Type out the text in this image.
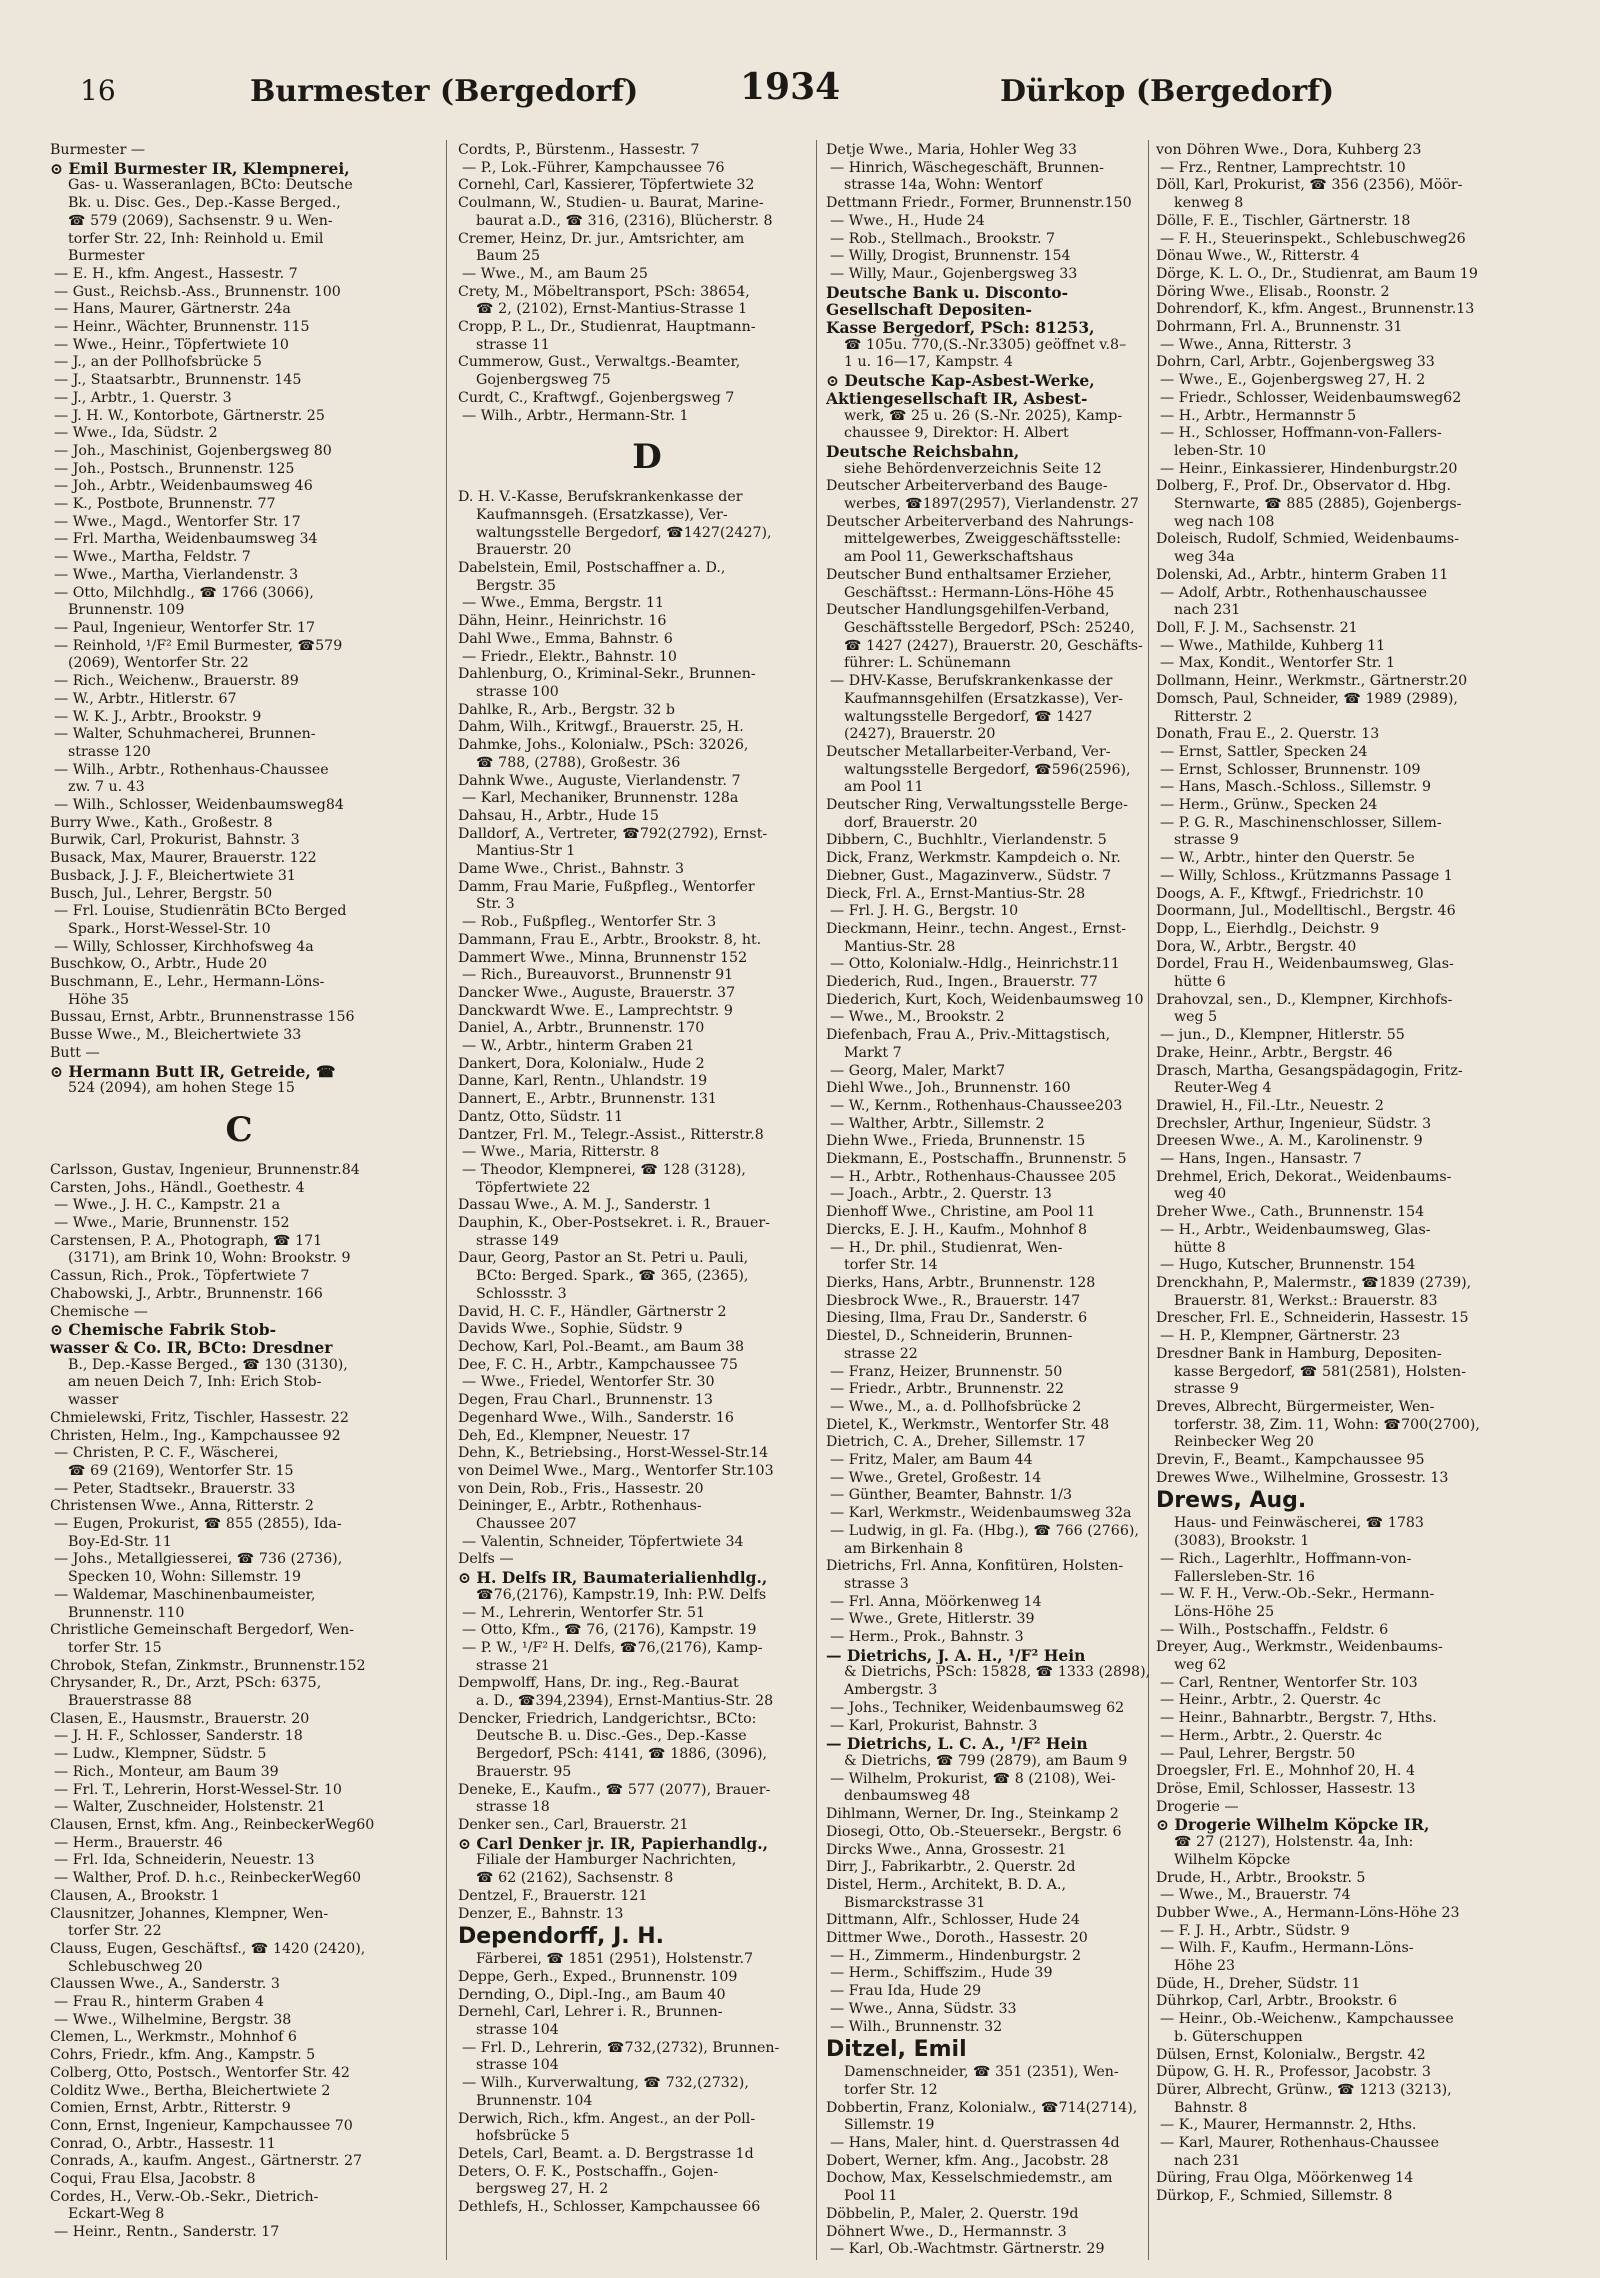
16	Burmester (Bergedorf)	1934	Dürkop (Bergedorf)

Burmester —

⊙ Emil Burmester IR, Klempnerei,

Gas- u. Wasseranlagen, BCto: Deutsche

Bk. u. Disc. Ges., Dep.-Kasse Berged.,

☎ 579 (2069), Sachsenstr. 9 u. Wen-

torfer Str. 22, Inh: Reinhold u. Emil

Burmester

— E. H., kfm. Angest., Hassestr. 7

— Gust., Reichsb.-Ass., Brunnenstr. 100

— Hans, Maurer, Gärtnerstr. 24a

— Heinr., Wächter, Brunnenstr. 115

— Wwe., Heinr., Töpfertwiete 10

— J., an der Pollhofsbrücke 5

— J., Staatsarbtr., Brunnenstr. 145

— J., Arbtr., 1. Querstr. 3

— J. H. W., Kontorbote, Gärtnerstr. 25

— Wwe., Ida, Südstr. 2

— Joh., Maschinist, Gojenbergsweg 80

— Joh., Postsch., Brunnenstr. 125

— Joh., Arbtr., Weidenbaumsweg 46

— K., Postbote, Brunnenstr. 77

— Wwe., Magd., Wentorfer Str. 17

— Frl. Martha, Weidenbaumsweg 34

— Wwe., Martha, Feldstr. 7

— Wwe., Martha, Vierlandenstr. 3

— Otto, Milchhdlg., ☎ 1766 (3066),

Brunnenstr. 109

— Paul, Ingenieur, Wentorfer Str. 17

— Reinhold, ¹/F² Emil Burmester, ☎579

(2069), Wentorfer Str. 22

— Rich., Weichenw., Brauerstr. 89

— W., Arbtr., Hitlerstr. 67

— W. K. J., Arbtr., Brookstr. 9

— Walter, Schuhmacherei, Brunnen-

strasse 120

— Wilh., Arbtr., Rothenhaus-Chaussee

zw. 7 u. 43

— Wilh., Schlosser, Weidenbaumsweg84

Burry Wwe., Kath., Großestr. 8

Burwik, Carl, Prokurist, Bahnstr. 3

Busack, Max, Maurer, Brauerstr. 122

Busback, J. J. F., Bleichertwiete 31

Busch, Jul., Lehrer, Bergstr. 50

— Frl. Louise, Studienrätin BCto Berged

Spark., Horst-Wessel-Str. 10

— Willy, Schlosser, Kirchhofsweg 4a

Buschkow, O., Arbtr., Hude 20

Buschmann, E., Lehr., Hermann-Löns-

Höhe 35

Bussau, Ernst, Arbtr., Brunnenstrasse 156

Busse Wwe., M., Bleichertwiete 33

Butt —

⊙ Hermann Butt IR, Getreide, ☎

524 (2094), am hohen Stege 15

C

Carlsson, Gustav, Ingenieur, Brunnenstr.84

Carsten, Johs., Händl., Goethestr. 4

— Wwe., J. H. C., Kampstr. 21 a

— Wwe., Marie, Brunnenstr. 152

Carstensen, P. A., Photograph, ☎ 171

(3171), am Brink 10, Wohn: Brookstr. 9

Cassun, Rich., Prok., Töpfertwiete 7

Chabowski, J., Arbtr., Brunnenstr. 166

Chemische —

⊙ Chemische Fabrik Stob-

wasser & Co. IR, BCto: Dresdner

B., Dep.-Kasse Berged., ☎ 130 (3130),

am neuen Deich 7, Inh: Erich Stob-

wasser

Chmielewski, Fritz, Tischler, Hassestr. 22

Christen, Helm., Ing., Kampchaussee 92

— Christen, P. C. F., Wäscherei,

☎ 69 (2169), Wentorfer Str. 15

— Peter, Stadtsekr., Brauerstr. 33

Christensen Wwe., Anna, Ritterstr. 2

— Eugen, Prokurist, ☎ 855 (2855), Ida-

Boy-Ed-Str. 11

— Johs., Metallgiesserei, ☎ 736 (2736),

Specken 10, Wohn: Sillemstr. 19

— Waldemar, Maschinenbaumeister,

Brunnenstr. 110

Christliche Gemeinschaft Bergedorf, Wen-

torfer Str. 15

Chrobok, Stefan, Zinkmstr., Brunnenstr.152

Chrysander, R., Dr., Arzt, PSch: 6375,

Brauerstrasse 88

Clasen, E., Hausmstr., Brauerstr. 20

— J. H. F., Schlosser, Sanderstr. 18

— Ludw., Klempner, Südstr. 5

— Rich., Monteur, am Baum 39

— Frl. T., Lehrerin, Horst-Wessel-Str. 10

— Walter, Zuschneider, Holstenstr. 21

Clausen, Ernst, kfm. Ang., ReinbeckerWeg60

— Herm., Brauerstr. 46

— Frl. Ida, Schneiderin, Neuestr. 13

— Walther, Prof. D. h.c., ReinbeckerWeg60

Clausen, A., Brookstr. 1

Clausnitzer, Johannes, Klempner, Wen-

torfer Str. 22

Clauss, Eugen, Geschäftsf., ☎ 1420 (2420),

Schlebuschweg 20

Claussen Wwe., A., Sanderstr. 3

— Frau R., hinterm Graben 4

— Wwe., Wilhelmine, Bergstr. 38

Clemen, L., Werkmstr., Mohnhof 6

Cohrs, Friedr., kfm. Ang., Kampstr. 5

Colberg, Otto, Postsch., Wentorfer Str. 42

Colditz Wwe., Bertha, Bleichertwiete 2

Comien, Ernst, Arbtr., Ritterstr. 9

Conn, Ernst, Ingenieur, Kampchaussee 70

Conrad, O., Arbtr., Hassestr. 11

Conrads, A., kaufm. Angest., Gärtnerstr. 27

Coqui, Frau Elsa, Jacobstr. 8

Cordes, H., Verw.-Ob.-Sekr., Dietrich-

Eckart-Weg 8

— Heinr., Rentn., Sanderstr. 17

Cordts, P., Bürstenm., Hassestr. 7

— P., Lok.-Führer, Kampchaussee 76

Cornehl, Carl, Kassierer, Töpfertwiete 32

Coulmann, W., Studien- u. Baurat, Marine-

baurat a.D., ☎ 316, (2316), Blücherstr. 8

Cremer, Heinz, Dr. jur., Amtsrichter, am

Baum 25

— Wwe., M., am Baum 25

Crety, M., Möbeltransport, PSch: 38654,

☎ 2, (2102), Ernst-Mantius-Strasse 1

Cropp, P. L., Dr., Studienrat, Hauptmann-

strasse 11

Cummerow, Gust., Verwaltgs.-Beamter,

Gojenbergsweg 75

Curdt, C., Kraftwgf., Gojenbergsweg 7

— Wilh., Arbtr., Hermann-Str. 1

D

D. H. V.-Kasse, Berufskrankenkasse der

Kaufmannsgeh. (Ersatzkasse), Ver-

waltungsstelle Bergedorf, ☎1427(2427),

Brauerstr. 20

Dabelstein, Emil, Postschaffner a. D.,

Bergstr. 35

— Wwe., Emma, Bergstr. 11

Dähn, Heinr., Heinrichstr. 16

Dahl Wwe., Emma, Bahnstr. 6

— Friedr., Elektr., Bahnstr. 10

Dahlenburg, O., Kriminal-Sekr., Brunnen-

strasse 100

Dahlke, R., Arb., Bergstr. 32 b

Dahm, Wilh., Kritwgf., Brauerstr. 25, H.

Dahmke, Johs., Kolonialw., PSch: 32026,

☎ 788, (2788), Großestr. 36

Dahnk Wwe., Auguste, Vierlandenstr. 7

— Karl, Mechaniker, Brunnenstr. 128a

Dahsau, H., Arbtr., Hude 15

Dalldorf, A., Vertreter, ☎792(2792), Ernst-

Mantius-Str 1

Dame Wwe., Christ., Bahnstr. 3

Damm, Frau Marie, Fußpfleg., Wentorfer

Str. 3

— Rob., Fußpfleg., Wentorfer Str. 3

Dammann, Frau E., Arbtr., Brookstr. 8, ht.

Dammert Wwe., Minna, Brunnenstr 152

— Rich., Bureauvorst., Brunnenstr 91

Dancker Wwe., Auguste, Brauerstr. 37

Danckwardt Wwe. E., Lamprechtstr. 9

Daniel, A., Arbtr., Brunnenstr. 170

— W., Arbtr., hinterm Graben 21

Dankert, Dora, Kolonialw., Hude 2

Danne, Karl, Rentn., Uhlandstr. 19

Dannert, E., Arbtr., Brunnenstr. 131

Dantz, Otto, Südstr. 11

Dantzer, Frl. M., Telegr.-Assist., Ritterstr.8

— Wwe., Maria, Ritterstr. 8

— Theodor, Klempnerei, ☎ 128 (3128),

Töpfertwiete 22

Dassau Wwe., A. M. J., Sanderstr. 1

Dauphin, K., Ober-Postsekret. i. R., Brauer-

strasse 149

Daur, Georg, Pastor an St. Petri u. Pauli,

BCto: Berged. Spark., ☎ 365, (2365),

Schlossstr. 3

David, H. C. F., Händler, Gärtnerstr 2

Davids Wwe., Sophie, Südstr. 9

Dechow, Karl, Pol.-Beamt., am Baum 38

Dee, F. C. H., Arbtr., Kampchaussee 75

— Wwe., Friedel, Wentorfer Str. 30

Degen, Frau Charl., Brunnenstr. 13

Degenhard Wwe., Wilh., Sanderstr. 16

Deh, Ed., Klempner, Neuestr. 17

Dehn, K., Betriebsing., Horst-Wessel-Str.14

von Deimel Wwe., Marg., Wentorfer Str.103

von Dein, Rob., Fris., Hassestr. 20

Deininger, E., Arbtr., Rothenhaus-

Chaussee 207

— Valentin, Schneider, Töpfertwiete 34

Delfs —

⊙ H. Delfs IR, Baumaterialienhdlg.,

☎76,(2176), Kampstr.19, Inh: P.W. Delfs

— M., Lehrerin, Wentorfer Str. 51

— Otto, Kfm., ☎ 76, (2176), Kampstr. 19

— P. W., ¹/F² H. Delfs, ☎76,(2176), Kamp-

strasse 21

Dempwolff, Hans, Dr. ing., Reg.-Baurat

a. D., ☎394,2394), Ernst-Mantius-Str. 28

Dencker, Friedrich, Landgerichtsr., BCto:

Deutsche B. u. Disc.-Ges., Dep.-Kasse

Bergedorf, PSch: 4141, ☎ 1886, (3096),

Brauerstr. 95

Deneke, E., Kaufm., ☎ 577 (2077), Brauer-

strasse 18

Denker sen., Carl, Brauerstr. 21

⊙ Carl Denker jr. IR, Papierhandlg.,

Filiale der Hamburger Nachrichten,

☎ 62 (2162), Sachsenstr. 8

Dentzel, F., Brauerstr. 121

Denzer, E., Bahnstr. 13

Dependorff, J. H.

Färberei, ☎ 1851 (2951), Holstenstr.7

Deppe, Gerh., Exped., Brunnenstr. 109

Dernding, O., Dipl.-Ing., am Baum 40

Dernehl, Carl, Lehrer i. R., Brunnen-

strasse 104

— Frl. D., Lehrerin, ☎732,(2732), Brunnen-

strasse 104

— Wilh., Kurverwaltung, ☎ 732,(2732),

Brunnenstr. 104

Derwich, Rich., kfm. Angest., an der Poll-

hofsbrücke 5

Detels, Carl, Beamt. a. D. Bergstrasse 1d

Deters, O. F. K., Postschaffn., Gojen-

bergsweg 27, H. 2

Dethlefs, H., Schlosser, Kampchaussee 66

Detje Wwe., Maria, Hohler Weg 33

— Hinrich, Wäschegeschäft, Brunnen-

strasse 14a, Wohn: Wentorf

Dettmann Friedr., Former, Brunnenstr.150

— Wwe., H., Hude 24

— Rob., Stellmach., Brookstr. 7

— Willy, Drogist, Brunnenstr. 154

— Willy, Maur., Gojenbergsweg 33

Deutsche Bank u. Disconto-

Gesellschaft Depositen-

Kasse Bergedorf, PSch: 81253,

☎ 105u. 770,(S.-Nr.3305) geöffnet v.8–

1 u. 16—17, Kampstr. 4

⊙ Deutsche Kap-Asbest-Werke,

Aktiengesellschaft IR, Asbest-

werk, ☎ 25 u. 26 (S.-Nr. 2025), Kamp-

chaussee 9, Direktor: H. Albert

Deutsche Reichsbahn,

siehe Behördenverzeichnis Seite 12

Deutscher Arbeiterverband des Bauge-

werbes, ☎1897(2957), Vierlandenstr. 27

Deutscher Arbeiterverband des Nahrungs-

mittelgewerbes, Zweiggeschäftsstelle:

am Pool 11, Gewerkschaftshaus

Deutscher Bund enthaltsamer Erzieher,

Geschäftsst.: Hermann-Löns-Höhe 45

Deutscher Handlungsgehilfen-Verband,

Geschäftsstelle Bergedorf, PSch: 25240,

☎ 1427 (2427), Brauerstr. 20, Geschäfts-

führer: L. Schünemann

— DHV-Kasse, Berufskrankenkasse der

Kaufmannsgehilfen (Ersatzkasse), Ver-

waltungsstelle Bergedorf, ☎ 1427

(2427), Brauerstr. 20

Deutscher Metallarbeiter-Verband, Ver-

waltungsstelle Bergedorf, ☎596(2596),

am Pool 11

Deutscher Ring, Verwaltungsstelle Berge-

dorf, Brauerstr. 20

Dibbern, C., Buchhltr., Vierlandenstr. 5

Dick, Franz, Werkmstr. Kampdeich o. Nr.

Diebner, Gust., Magazinverw., Südstr. 7

Dieck, Frl. A., Ernst-Mantius-Str. 28

— Frl. J. H. G., Bergstr. 10

Dieckmann, Heinr., techn. Angest., Ernst-

Mantius-Str. 28

— Otto, Kolonialw.-Hdlg., Heinrichstr.11

Diederich, Rud., Ingen., Brauerstr. 77

Diederich, Kurt, Koch, Weidenbaumsweg 10

— Wwe., M., Brookstr. 2

Diefenbach, Frau A., Priv.-Mittagstisch,

Markt 7

— Georg, Maler, Markt7

Diehl Wwe., Joh., Brunnenstr. 160

— W., Kernm., Rothenhaus-Chaussee203

— Walther, Arbtr., Sillemstr. 2

Diehn Wwe., Frieda, Brunnenstr. 15

Diekmann, E., Postschaffn., Brunnenstr. 5

— H., Arbtr., Rothenhaus-Chaussee 205

— Joach., Arbtr., 2. Querstr. 13

Dienhoff Wwe., Christine, am Pool 11

Diercks, E. J. H., Kaufm., Mohnhof 8

— H., Dr. phil., Studienrat, Wen-

torfer Str. 14

Dierks, Hans, Arbtr., Brunnenstr. 128

Diesbrock Wwe., R., Brauerstr. 147

Diesing, Ilma, Frau Dr., Sanderstr. 6

Diestel, D., Schneiderin, Brunnen-

strasse 22

— Franz, Heizer, Brunnenstr. 50

— Friedr., Arbtr., Brunnenstr. 22

— Wwe., M., a. d. Pollhofsbrücke 2

Dietel, K., Werkmstr., Wentorfer Str. 48

Dietrich, C. A., Dreher, Sillemstr. 17

— Fritz, Maler, am Baum 44

— Wwe., Gretel, Großestr. 14

— Günther, Beamter, Bahnstr. 1/3

— Karl, Werkmstr., Weidenbaumsweg 32a

— Ludwig, in gl. Fa. (Hbg.), ☎ 766 (2766),

am Birkenhain 8

Dietrichs, Frl. Anna, Konfitüren, Holsten-

strasse 3

— Frl. Anna, Möörkenweg 14

— Wwe., Grete, Hitlerstr. 39

— Herm., Prok., Bahnstr. 3

— Dietrichs, J. A. H., ¹/F² Hein

& Dietrichs, PSch: 15828, ☎ 1333 (2898),

Ambergstr. 3

— Johs., Techniker, Weidenbaumsweg 62

— Karl, Prokurist, Bahnstr. 3

— Dietrichs, L. C. A., ¹/F² Hein

& Dietrichs, ☎ 799 (2879), am Baum 9

— Wilhelm, Prokurist, ☎ 8 (2108), Wei-

denbaumsweg 48

Dihlmann, Werner, Dr. Ing., Steinkamp 2

Diosegi, Otto, Ob.-Steuersekr., Bergstr. 6

Dircks Wwe., Anna, Grossestr. 21

Dirr, J., Fabrikarbtr., 2. Querstr. 2d

Distel, Herm., Architekt, B. D. A.,

Bismarckstrasse 31

Dittmann, Alfr., Schlosser, Hude 24

Dittmer Wwe., Doroth., Hassestr. 20

— H., Zimmerm., Hindenburgstr. 2

— Herm., Schiffszim., Hude 39

— Frau Ida, Hude 29

— Wwe., Anna, Südstr. 33

— Wilh., Brunnenstr. 32

Ditzel, Emil

Damenschneider, ☎ 351 (2351), Wen-

torfer Str. 12

Dobbertin, Franz, Kolonialw., ☎714(2714),

Sillemstr. 19

— Hans, Maler, hint. d. Querstrassen 4d

Dobert, Werner, kfm. Ang., Jacobstr. 28

Dochow, Max, Kesselschmiedemstr., am

Pool 11

Döbbelin, P., Maler, 2. Querstr. 19d

Döhnert Wwe., D., Hermannstr. 3

— Karl, Ob.-Wachtmstr. Gärtnerstr. 29

von Döhren Wwe., Dora, Kuhberg 23

— Frz., Rentner, Lamprechtstr. 10

Döll, Karl, Prokurist, ☎ 356 (2356), Möör-

kenweg 8

Dölle, F. E., Tischler, Gärtnerstr. 18

— F. H., Steuerinspekt., Schlebuschweg26

Dönau Wwe., W., Ritterstr. 4

Dörge, K. L. O., Dr., Studienrat, am Baum 19

Döring Wwe., Elisab., Roonstr. 2

Dohrendorf, K., kfm. Angest., Brunnenstr.13

Dohrmann, Frl. A., Brunnenstr. 31

— Wwe., Anna, Ritterstr. 3

Dohrn, Carl, Arbtr., Gojenbergsweg 33

— Wwe., E., Gojenbergsweg 27, H. 2

— Friedr., Schlosser, Weidenbaumsweg62

— H., Arbtr., Hermannstr 5

— H., Schlosser, Hoffmann-von-Fallers-

leben-Str. 10

— Heinr., Einkassierer, Hindenburgstr.20

Dolberg, F., Prof. Dr., Observator d. Hbg.

Sternwarte, ☎ 885 (2885), Gojenbergs-

weg nach 108

Doleisch, Rudolf, Schmied, Weidenbaums-

weg 34a

Dolenski, Ad., Arbtr., hinterm Graben 11

— Adolf, Arbtr., Rothenhauschaussee

nach 231

Doll, F. J. M., Sachsenstr. 21

— Wwe., Mathilde, Kuhberg 11

— Max, Kondit., Wentorfer Str. 1

Dollmann, Heinr., Werkmstr., Gärtnerstr.20

Domsch, Paul, Schneider, ☎ 1989 (2989),

Ritterstr. 2

Donath, Frau E., 2. Querstr. 13

— Ernst, Sattler, Specken 24

— Ernst, Schlosser, Brunnenstr. 109

— Hans, Masch.-Schloss., Sillemstr. 9

— Herm., Grünw., Specken 24

— P. G. R., Maschinenschlosser, Sillem-

strasse 9

— W., Arbtr., hinter den Querstr. 5e

— Willy, Schloss., Krützmanns Passage 1

Doogs, A. F., Kftwgf., Friedrichstr. 10

Doormann, Jul., Modelltischl., Bergstr. 46

Dopp, L., Eierhdlg., Deichstr. 9

Dora, W., Arbtr., Bergstr. 40

Dordel, Frau H., Weidenbaumsweg, Glas-

hütte 6

Drahovzal, sen., D., Klempner, Kirchhofs-

weg 5

— jun., D., Klempner, Hitlerstr. 55

Drake, Heinr., Arbtr., Bergstr. 46

Drasch, Martha, Gesangspädagogin, Fritz-

Reuter-Weg 4

Drawiel, H., Fil.-Ltr., Neuestr. 2

Drechsler, Arthur, Ingenieur, Südstr. 3

Dreesen Wwe., A. M., Karolinenstr. 9

— Hans, Ingen., Hansastr. 7

Drehmel, Erich, Dekorat., Weidenbaums-

weg 40

Dreher Wwe., Cath., Brunnenstr. 154

— H., Arbtr., Weidenbaumsweg, Glas-

hütte 8

— Hugo, Kutscher, Brunnenstr. 154

Drenckhahn, P., Malermstr., ☎1839 (2739),

Brauerstr. 81, Werkst.: Brauerstr. 83

Drescher, Frl. E., Schneiderin, Hassestr. 15

— H. P., Klempner, Gärtnerstr. 23

Dresdner Bank in Hamburg, Depositen-

kasse Bergedorf, ☎ 581(2581), Holsten-

strasse 9

Dreves, Albrecht, Bürgermeister, Wen-

torferstr. 38, Zim. 11, Wohn: ☎700(2700),

Reinbecker Weg 20

Drevin, F., Beamt., Kampchaussee 95

Drewes Wwe., Wilhelmine, Grossestr. 13

Drews, Aug.

Haus- und Feinwäscherei, ☎ 1783

(3083), Brookstr. 1

— Rich., Lagerhltr., Hoffmann-von-

Fallersleben-Str. 16

— W. F. H., Verw.-Ob.-Sekr., Hermann-

Löns-Höhe 25

— Wilh., Postschaffn., Feldstr. 6

Dreyer, Aug., Werkmstr., Weidenbaums-

weg 62

— Carl, Rentner, Wentorfer Str. 103

— Heinr., Arbtr., 2. Querstr. 4c

— Heinr., Bahnarbtr., Bergstr. 7, Hths.

— Herm., Arbtr., 2. Querstr. 4c

— Paul, Lehrer, Bergstr. 50

Droegsler, Frl. E., Mohnhof 20, H. 4

Dröse, Emil, Schlosser, Hassestr. 13

Drogerie —

⊙ Drogerie Wilhelm Köpcke IR,

☎ 27 (2127), Holstenstr. 4a, Inh:

Wilhelm Köpcke

Drude, H., Arbtr., Brookstr. 5

— Wwe., M., Brauerstr. 74

Dubber Wwe., A., Hermann-Löns-Höhe 23

— F. J. H., Arbtr., Südstr. 9

— Wilh. F., Kaufm., Hermann-Löns-

Höhe 23

Düde, H., Dreher, Südstr. 11

Dührkop, Carl, Arbtr., Brookstr. 6

— Heinr., Ob.-Weichenw., Kampchaussee

b. Güterschuppen

Dülsen, Ernst, Kolonialw., Bergstr. 42

Düpow, G. H. R., Professor, Jacobstr. 3

Dürer, Albrecht, Grünw., ☎ 1213 (3213),

Bahnstr. 8

— K., Maurer, Hermannstr. 2, Hths.

— Karl, Maurer, Rothenhaus-Chaussee

nach 231

Düring, Frau Olga, Möörkenweg 14

Dürkop, F., Schmied, Sillemstr. 8
